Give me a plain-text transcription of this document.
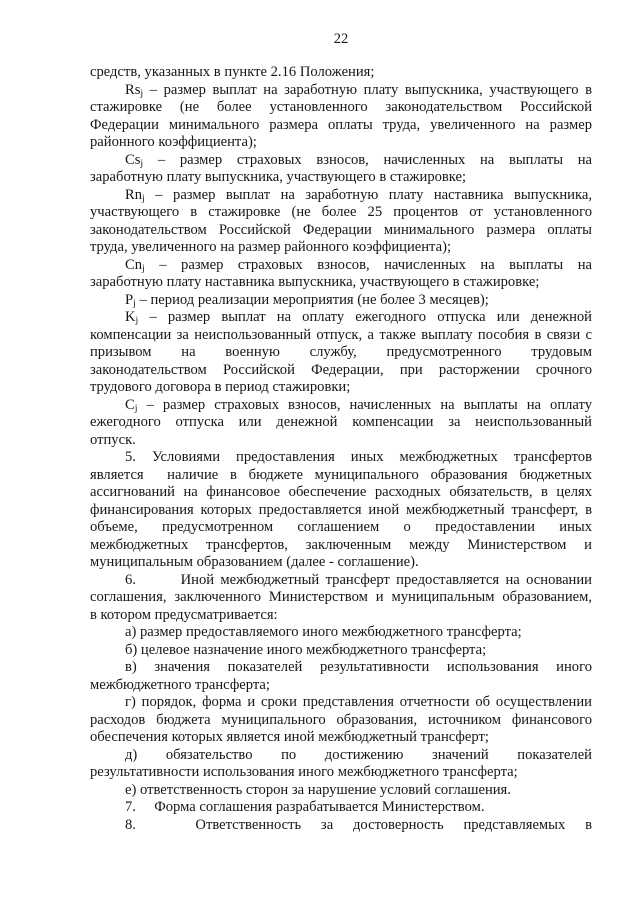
22
средств, указанных в пункте 2.16 Положения;
$Rs_j$ – размер выплат на заработную плату выпускника, участвующего в
стажировке (не более установленного законодательством Российской
Федерации минимального размера оплаты труда, увеличенного на размер
районного коэффициента);
$Cs_j$ – размер страховых взносов, начисленных на выплаты на
заработную плату выпускника, участвующего в стажировке;
$Rn_j$ – размер выплат на заработную плату наставника выпускника,
участвующего в стажировке (не более 25 процентов от установленного
законодательством Российской Федерации минимального размера оплаты
труда, увеличенного на размер районного коэффициента);
$Cn_j$ – размер страховых взносов, начисленных на выплаты на
заработную плату наставника выпускника, участвующего в стажировке;
$P_j$ – период реализации мероприятия (не более 3 месяцев);
$K_j$ – размер выплат на оплату ежегодного отпуска или денежной
компенсации за неиспользованный отпуск, а также выплату пособия в связи с
призывом на военную службу, предусмотренного трудовым
законодательством Российской Федерации, при расторжении срочного
трудового договора в период стажировки;
$C_j$ – размер страховых взносов, начисленных на выплаты на оплату
ежегодного отпуска или денежной компенсации за неиспользованный
отпуск.
5. Условиями предоставления иных межбюджетных трансфертов
является  наличие в бюджете муниципального образования бюджетных
ассигнований на финансовое обеспечение расходных обязательств, в целях
финансирования которых предоставляется иной межбюджетный трансферт, в
объеме, предусмотренном соглашением о предоставлении иных
межбюджетных трансфертов, заключенным между Министерством и
муниципальным образованием (далее - соглашение).
6.       Иной межбюджетный трансферт предоставляется на основании
соглашения, заключенного Министерством и муниципальным образованием,
в котором предусматривается:
а) размер предоставляемого иного межбюджетного трансферта;
б) целевое назначение иного межбюджетного трансферта;
в) значения показателей результативности использования иного
межбюджетного трансферта;
г) порядок, форма и сроки представления отчетности об осуществлении
расходов бюджета муниципального образования, источником финансового
обеспечения которых является иной межбюджетный трансферт;
д) обязательство по достижению значений показателей
результативности использования иного межбюджетного трансферта;
е) ответственность сторон за нарушение условий соглашения.
7.     Форма соглашения разрабатывается Министерством.
8.   Ответственность за достоверность представляемых в
